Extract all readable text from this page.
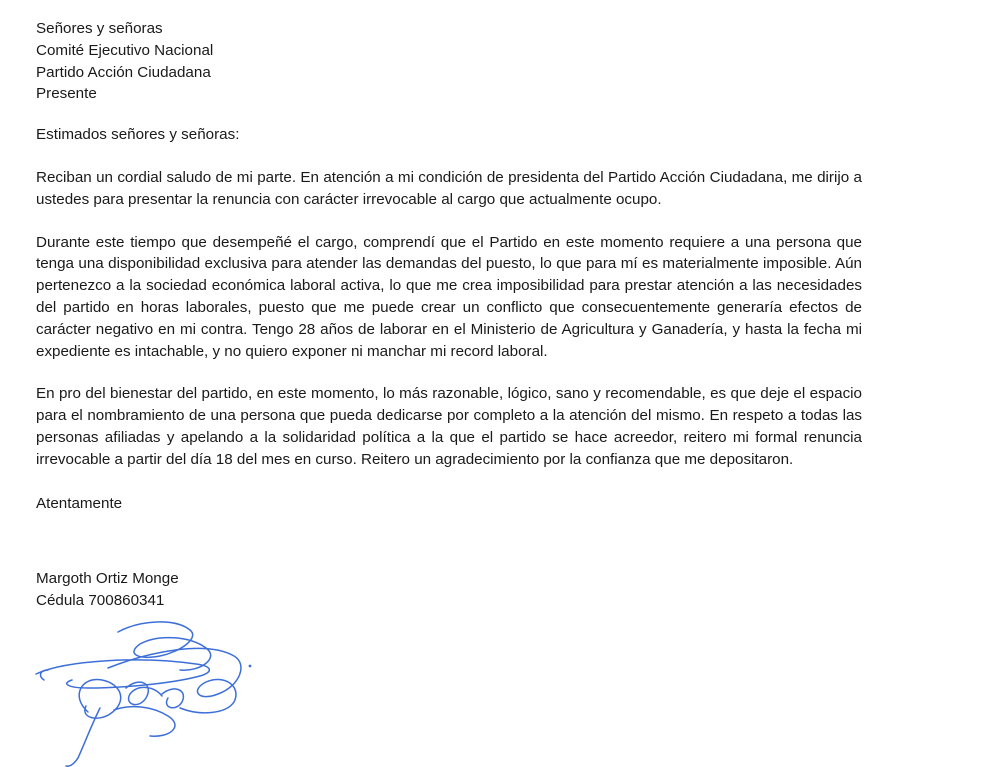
Señores y señoras

Comité Ejecutivo Nacional

Partido Acción Ciudadana

Presente

Estimados señores y señoras:

Reciban un cordial saludo de mi parte. En atención a mi condición de presidenta del Partido Acción Ciudadana, me dirijo a ustedes para presentar la renuncia con carácter irrevocable al cargo que actualmente ocupo.

Durante este tiempo que desempeñé el cargo, comprendí que el Partido en este momento requiere a una persona que tenga una disponibilidad exclusiva para atender las demandas del puesto, lo que para mí es materialmente imposible. Aún pertenezco a la sociedad económica laboral activa, lo que me crea imposibilidad para prestar atención a las necesidades del partido en horas laborales, puesto que me puede crear un conflicto que consecuentemente generaría efectos de carácter negativo en mi contra. Tengo 28 años de laborar en el Ministerio de Agricultura y Ganadería, y hasta la fecha mi expediente es intachable, y no quiero exponer ni manchar mi record laboral.

En pro del bienestar del partido, en este momento, lo más razonable, lógico, sano y recomendable, es que deje el espacio para el nombramiento de una persona que pueda dedicarse por completo a la atención del mismo. En respeto a todas las personas afiliadas y apelando a la solidaridad política a la que el partido se hace acreedor, reitero mi formal renuncia irrevocable a partir del día 18 del mes en curso. Reitero un agradecimiento por la confianza que me depositaron.

Atentamente

Margoth Ortiz Monge

Cédula 700860341
